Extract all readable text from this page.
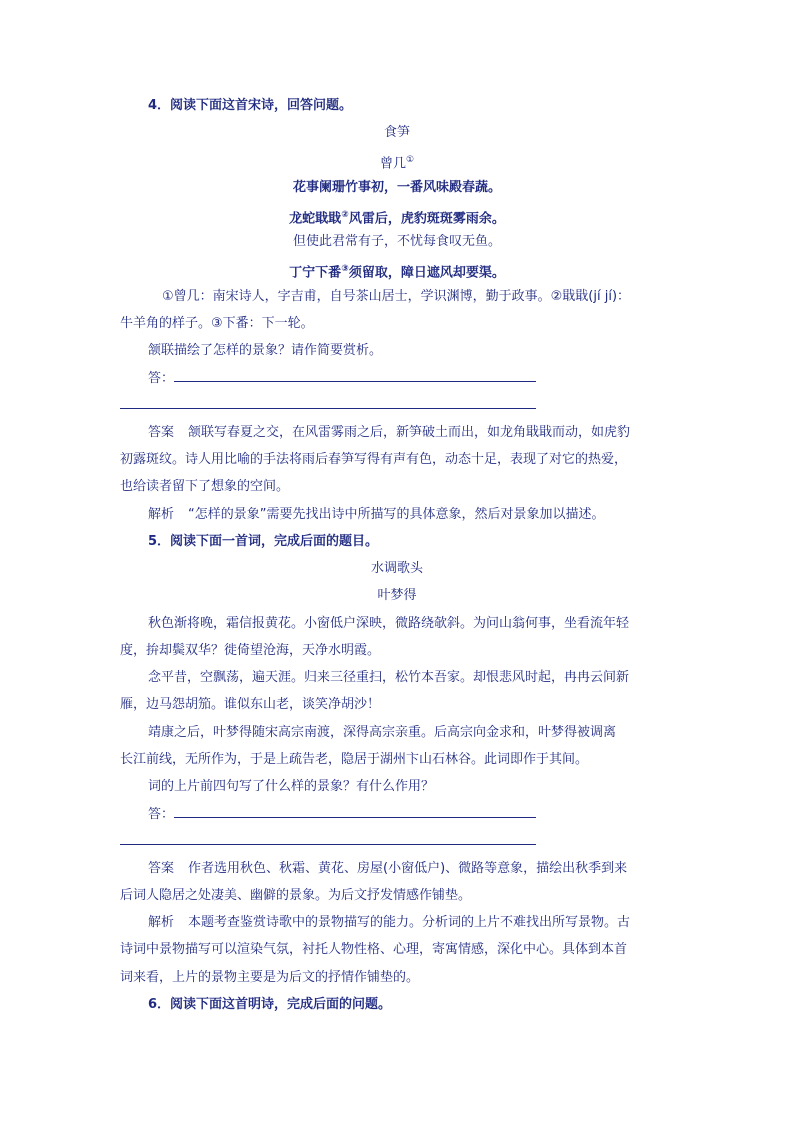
4．阅读下面这首宋诗，回答问题。
食笋
曾几①
花事阑珊竹事初，一番风味殿春蔬。
龙蛇戢戢②风雷后，虎豹斑斑雾雨余。
但使此君常有子，不忧每食叹无鱼。
丁宁下番③须留取，障日遮风却要渠。
①曾几：南宋诗人，字吉甫，自号茶山居士，学识渊博，勤于政事。②戢戢(jí jí)：
牛羊角的样子。③下番：下一轮。
颔联描绘了怎样的景象？请作简要赏析。
答：
答案 颔联写春夏之交，在风雷雾雨之后，新笋破土而出，如龙角戢戢而动，如虎豹
初露斑纹。诗人用比喻的手法将雨后春笋写得有声有色，动态十足，表现了对它的热爱，
也给读者留下了想象的空间。
解析 “怎样的景象”需要先找出诗中所描写的具体意象，然后对景象加以描述。
5．阅读下面一首词，完成后面的题目。
水调歌头
叶梦得
秋色渐将晚，霜信报黄花。小窗低户深映，微路绕欹斜。为问山翁何事，坐看流年轻
度，拚却鬓双华？徙倚望沧海，天净水明霞。
念平昔，空飘荡，遍天涯。归来三径重扫，松竹本吾家。却恨悲风时起，冉冉云间新
雁，边马怨胡笳。谁似东山老，谈笑净胡沙！
靖康之后，叶梦得随宋高宗南渡，深得高宗亲重。后高宗向金求和，叶梦得被调离
长江前线，无所作为，于是上疏告老，隐居于湖州卞山石林谷。此词即作于其间。
词的上片前四句写了什么样的景象？有什么作用？
答：
答案 作者选用秋色、秋霜、黄花、房屋(小窗低户)、微路等意象，描绘出秋季到来
后词人隐居之处凄美、幽僻的景象。为后文抒发情感作铺垫。
解析 本题考查鉴赏诗歌中的景物描写的能力。分析词的上片不难找出所写景物。古
诗词中景物描写可以渲染气氛，衬托人物性格、心理，寄寓情感，深化中心。具体到本首
词来看，上片的景物主要是为后文的抒情作铺垫的。
6．阅读下面这首明诗，完成后面的问题。
